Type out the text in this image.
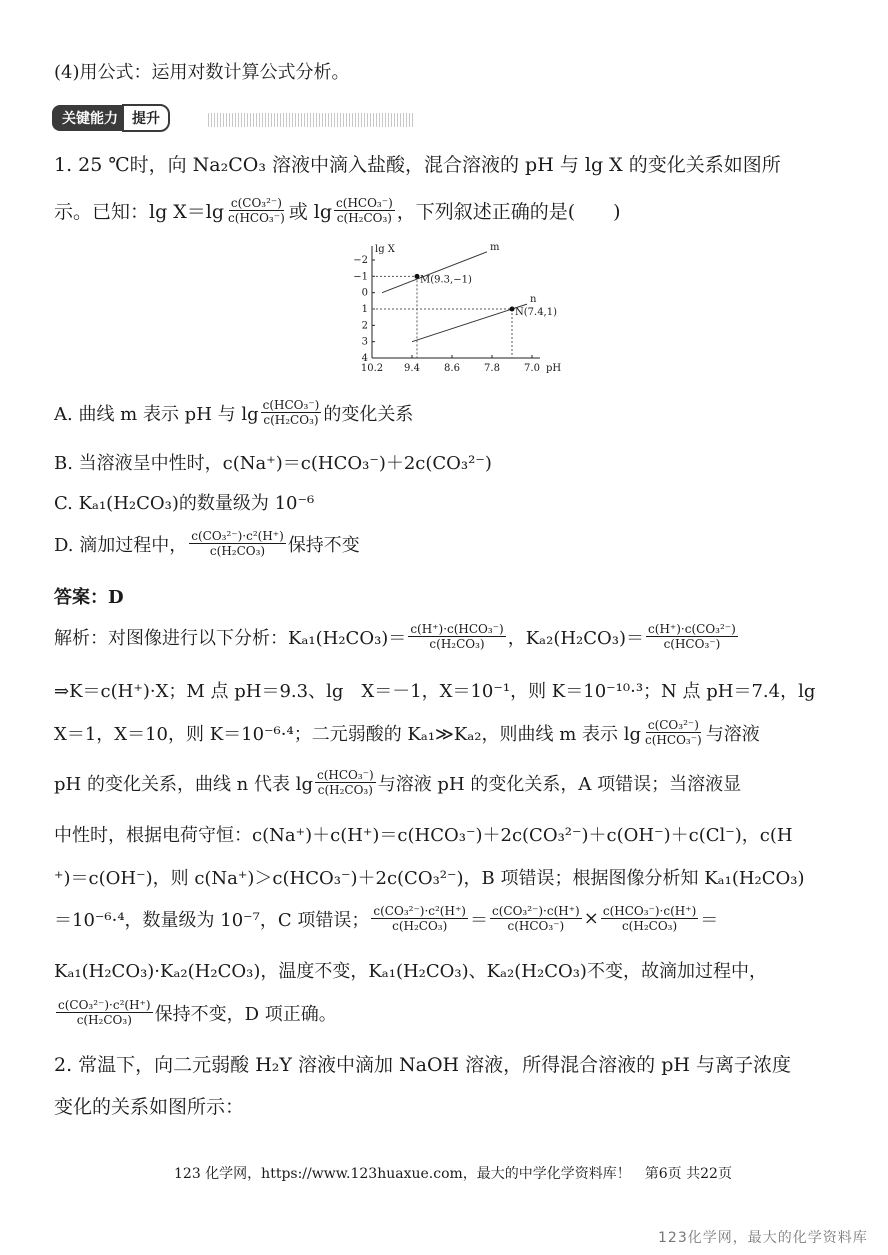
(4)用公式：运用对数计算公式分析。
关键能力	提升
1. 25 ℃时，向 Na₂CO₃ 溶液中滴入盐酸，混合溶液的 pH 与 lg X 的变化关系如图所
示。已知：$\lg X=\lg \frac{\text{c(CO₃²⁻)}}{\text{c(HCO₃⁻)}}$ 或 $\lg \frac{\text{c(HCO₃⁻)}}{\text{c(H₂CO₃)}}$ ，下列叙述正确的是(　　)
lg X
−2
−1
0
1
2
3
4
10.2 9.4 8.6 7.8 7.0 pH
m
n
M(9.3,−1)
N(7.4,1)
A. 曲线 m 表示 pH 与 $\lg \frac{\text{c(HCO₃⁻)}}{\text{c(H₂CO₃)}}$ 的变化关系
B. 当溶液呈中性时，c(Na⁺)＝c(HCO₃⁻)＋2c(CO₃²⁻)
C. Kₐ₁(H₂CO₃)的数量级为 10⁻⁶
D. 滴加过程中， $\frac{\text{c(CO₃²⁻)·c²(H⁺)}}{\text{c(H₂CO₃)}}$ 保持不变
答案：D
解析：对图像进行以下分析：$K_{a1}(H_2CO_3)= \frac{\text{c(H⁺)·c(HCO₃⁻)}}{\text{c(H₂CO₃)}}$ ，$K_{a2}(H_2CO_3)= \frac{\text{c(H⁺)·c(CO₃²⁻)}}{\text{c(HCO₃⁻)}}$
⇒K＝c(H⁺)·X；M 点 pH＝9.3、lg　X＝－1，X＝10⁻¹，则 K＝10⁻¹⁰·³；N 点 pH＝7.4，lg
X＝1，X＝10，则 K＝10⁻⁶·⁴；二元弱酸的 Kₐ₁≫Kₐ₂，则曲线 m 表示 $\lg \frac{\text{c(CO₃²⁻)}}{\text{c(HCO₃⁻)}}$ 与溶液
pH 的变化关系，曲线 n 代表 $\lg \frac{\text{c(HCO₃⁻)}}{\text{c(H₂CO₃)}}$ 与溶液 pH 的变化关系，A 项错误；当溶液显
中性时，根据电荷守恒：c(Na⁺)＋c(H⁺)＝c(HCO₃⁻)＋2c(CO₃²⁻)＋c(OH⁻)＋c(Cl⁻)，c(H
⁺)＝c(OH⁻)，则 c(Na⁺)＞c(HCO₃⁻)＋2c(CO₃²⁻)，B 项错误；根据图像分析知 Kₐ₁(H₂CO₃)
＝10⁻⁶·⁴，数量级为 10⁻⁷，C 项错误； $\frac{\text{c(CO₃²⁻)·c²(H⁺)}}{\text{c(H₂CO₃)}} = \frac{\text{c(CO₃²⁻)·c(H⁺)}}{\text{c(HCO₃⁻)}} \times \frac{\text{c(HCO₃⁻)·c(H⁺)}}{\text{c(H₂CO₃)}}$ ＝
Kₐ₁(H₂CO₃)·Kₐ₂(H₂CO₃)，温度不变，Kₐ₁(H₂CO₃)、Kₐ₂(H₂CO₃)不变，故滴加过程中，
$\frac{\text{c(CO₃²⁻)·c²(H⁺)}}{\text{c(H₂CO₃)}}$ 保持不变，D 项正确。
2. 常温下，向二元弱酸 H₂Y 溶液中滴加 NaOH 溶液，所得混合溶液的 pH 与离子浓度
变化的关系如图所示：
123 化学网，https://www.123huaxue.com，最大的中学化学资料库！　第6页 共22页
123化学网，最大的化学资料库
